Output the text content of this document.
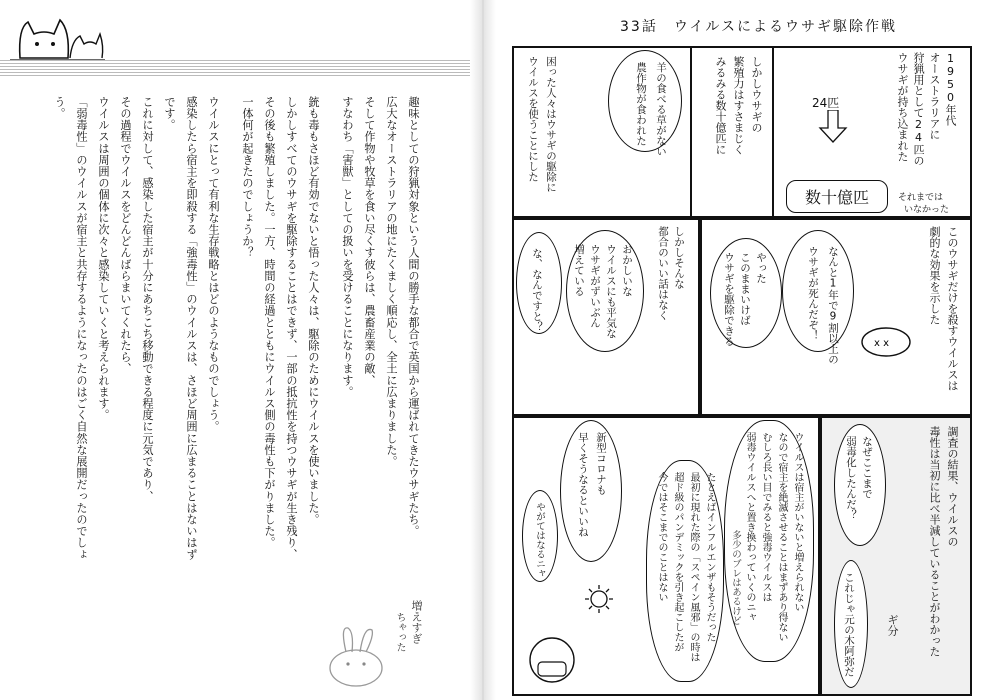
趣味としての狩猟対象という人間の勝手な都合で英国から運ばれてきたウサギたち。
広大なオーストラリアの地にたくましく順応し、全土に広まりました。
そして作物や牧草を食い尽くす彼らは、農畜産業の敵、
すなわち「害獣」としての扱いを受けることになります。

銃も毒もさほど有効でないと悟った人々は、駆除のためにウイルスを使いました。
しかしすべてのウサギを駆除することはできず、一部の抵抗性を持つウサギが生き残り、
その後も繁殖しました。一方、時間の経過とともにウイルス側の毒性も下がりました。
一体何が起きたのでしょうか？

ウイルスにとって有利な生存戦略とはどのようなものでしょう。
感染したら宿主を即殺する「強毒性」のウイルスは、さほど周囲に広まることはないはずです。
これに対して、感染した宿主が十分にあちこち移動できる程度に元気であり、
その過程でウイルスをどんどんばらまいてくれたら、
ウイルスは周囲の個体に次々と感染していくと考えられます。
「弱毒性」のウイルスが宿主と共存するようになったのはごく自然な展開だったのでしょう。

増えすぎ
ちゃった
33話　ウイルスによるウサギ駆除作戦
1950年代
オーストラリアに
狩猟用として24匹の
ウサギが持ち込まれた
24匹
数十億匹	それまでは
いなかった
しかしウサギの
繁殖力はすさまじく
みるみる数十億匹に
羊の食べる草がない
農作物が食われた
困った人々はウサギの駆除に
ウイルスを使うことにした
このウサギだけを殺すウイルスは
劇的な効果を示した
なんと1年で9割以上の
ウサギが死んだぞ！
やった
このままいけば
ウサギを駆除できる	x x
しかしそんな
都合のいい話はなく
おかしいな
ウイルスにも平気な
ウサギがずいぶん
増えている
な、なんですと？
調査の結果、ウイルスの
毒性は当初に比べ半減していることがわかった
なぜここまで
弱毒化したんだ？
これじゃ元の木阿弥だ	ギ分
ウイルスは宿主がいないと増えられない
なので宿主を絶滅させることはまずあり得ない
むしろ長い目でみると強毒ウイルスは
弱毒ウイルスへと置き換わっていくのニャ
たとえばインフルエンザもそうだった
最初に現れた際の「スペイン風邪」の時は
超ド級のパンデミックを引き起こしたが
今ではそこまでのことはない	多少のブレはあるけど
新型コロナも
早くそうなるといいね
やがてはなるニャ
